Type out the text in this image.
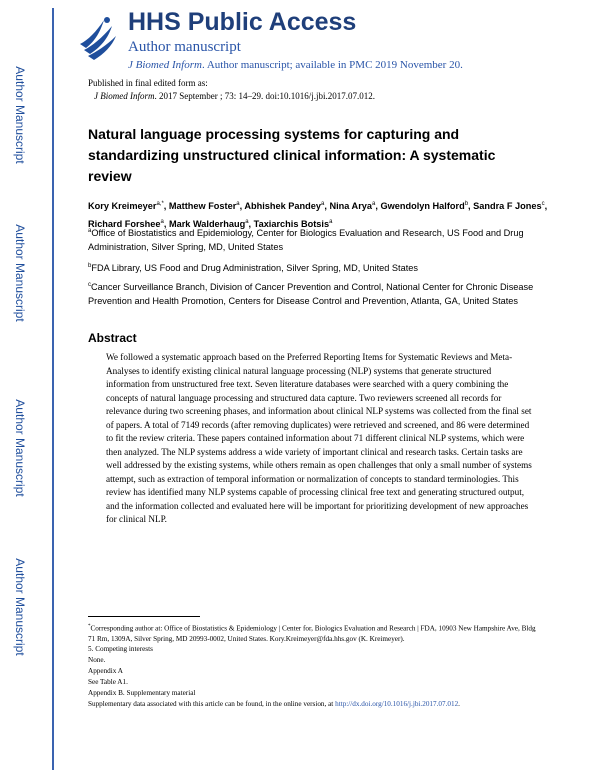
Author Manuscript
Author Manuscript
Author Manuscript
Author Manuscript
HHS Public Access
Author manuscript
J Biomed Inform. Author manuscript; available in PMC 2019 November 20.
Published in final edited form as:
J Biomed Inform. 2017 September ; 73: 14–29. doi:10.1016/j.jbi.2017.07.012.
Natural language processing systems for capturing and standardizing unstructured clinical information: A systematic review
Kory Kreimeyer$^{a,*}$, Matthew Foster$^a$, Abhishek Pandey$^a$, Nina Arya$^a$, Gwendolyn Halford$^b$, Sandra F Jones$^c$, Richard Forshee$^a$, Mark Walderhaug$^a$, Taxiarchis Botsis$^a$
$^a$Office of Biostatistics and Epidemiology, Center for Biologics Evaluation and Research, US Food and Drug Administration, Silver Spring, MD, United States
$^b$FDA Library, US Food and Drug Administration, Silver Spring, MD, United States
$^c$Cancer Surveillance Branch, Division of Cancer Prevention and Control, National Center for Chronic Disease Prevention and Health Promotion, Centers for Disease Control and Prevention, Atlanta, GA, United States
Abstract
We followed a systematic approach based on the Preferred Reporting Items for Systematic Reviews and Meta-Analyses to identify existing clinical natural language processing (NLP) systems that generate structured information from unstructured free text. Seven literature databases were searched with a query combining the concepts of natural language processing and structured data capture. Two reviewers screened all records for relevance during two screening phases, and information about clinical NLP systems was collected from the final set of papers. A total of 7149 records (after removing duplicates) were retrieved and screened, and 86 were determined to fit the review criteria. These papers contained information about 71 different clinical NLP systems, which were then analyzed. The NLP systems address a wide variety of important clinical and research tasks. Certain tasks are well addressed by the existing systems, while others remain as open challenges that only a small number of systems attempt, such as extraction of temporal information or normalization of concepts to standard terminologies. This review has identified many NLP systems capable of processing clinical free text and generating structured output, and the information collected and evaluated here will be important for prioritizing development of new approaches for clinical NLP.
*Corresponding author at: Office of Biostatistics & Epidemiology | Center for, Biologics Evaluation and Research | FDA, 10903 New Hampshire Ave, Bldg 71 Rm, 1309A, Silver Spring, MD 20993-0002, United States. Kory.Kreimeyer@fda.hhs.gov (K. Kreimeyer).
5. Competing interests
None.
Appendix A
See Table A1.
Appendix B. Supplementary material
Supplementary data associated with this article can be found, in the online version, at http://dx.doi.org/10.1016/j.jbi.2017.07.012.
